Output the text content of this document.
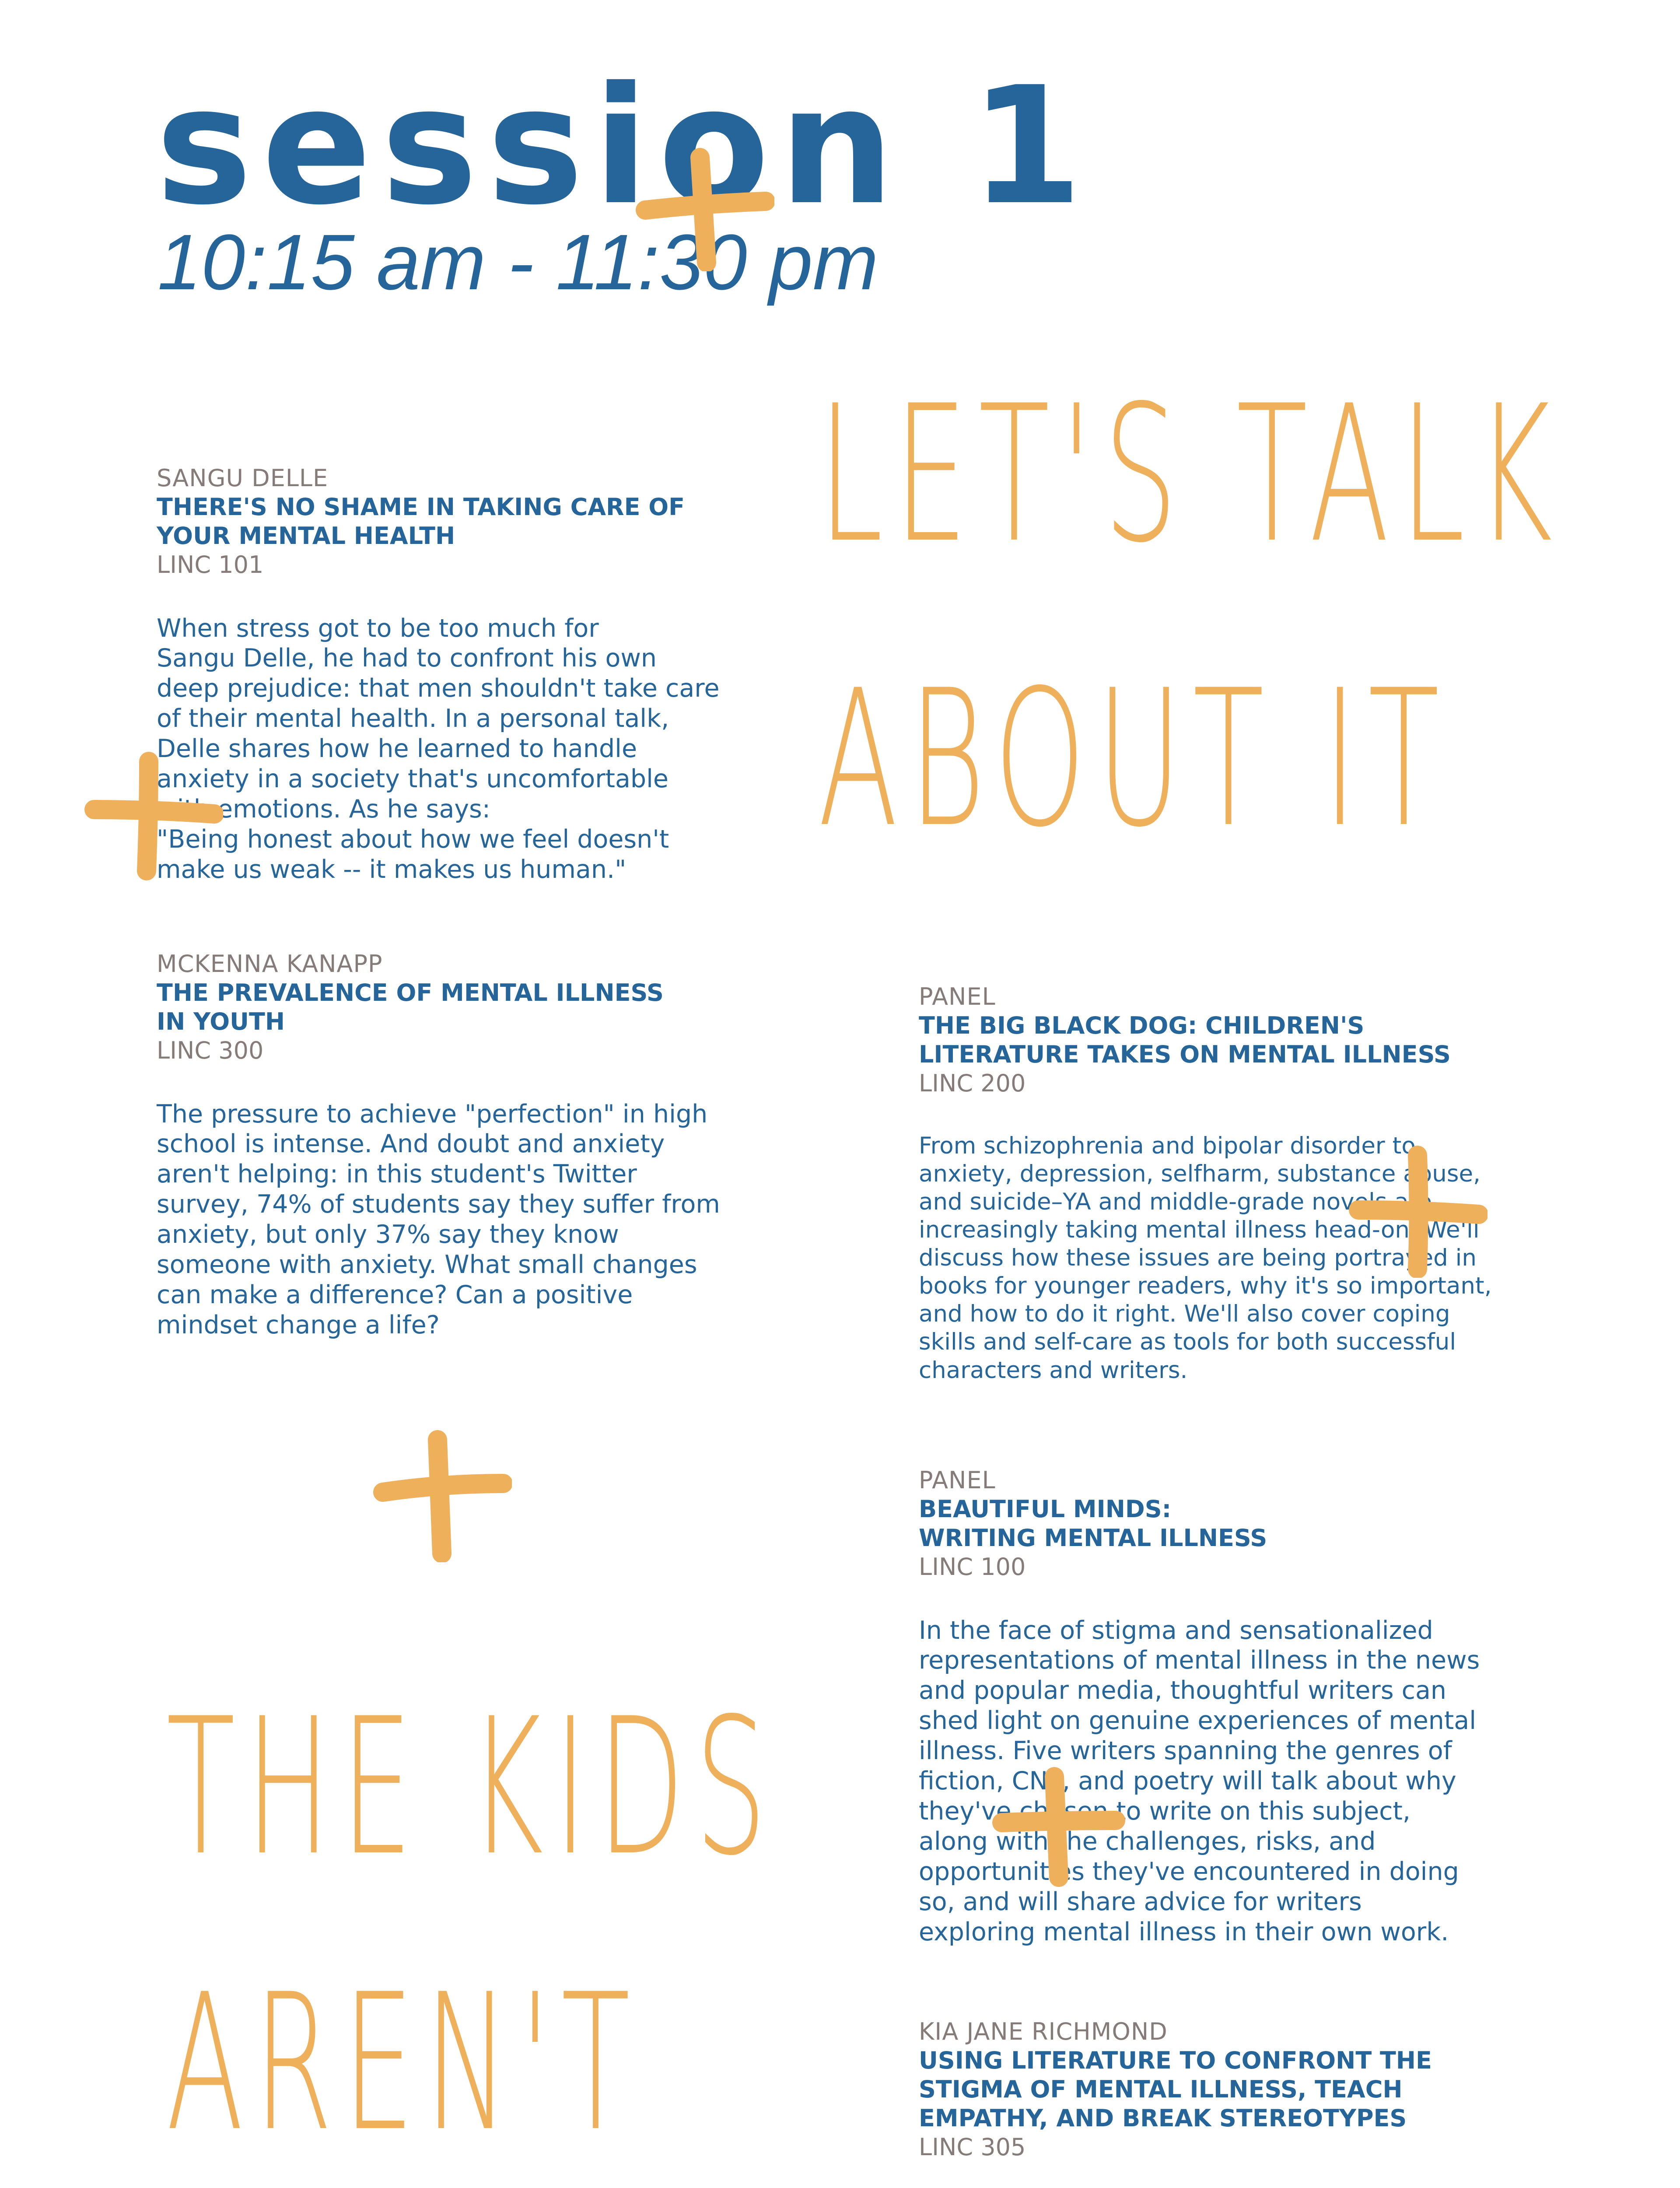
session 1
10:15 am - 11:30 pm
LET'S TALK
ABOUT IT
THE KIDS
AREN'T

SANGU DELLE

THERE'S NO SHAME IN TAKING CARE OF
YOUR MENTAL HEALTH

LINC 101

When stress got to be too much for
Sangu Delle, he had to confront his own
deep prejudice: that men shouldn't take care
of their mental health. In a personal talk,
Delle shares how he learned to handle
anxiety in a society that's uncomfortable
with emotions. As he says:
"Being honest about how we feel doesn't
make us weak -- it makes us human."

MCKENNA KANAPP

THE PREVALENCE OF MENTAL ILLNESS
IN YOUTH

LINC 300

The pressure to achieve "perfection" in high
school is intense. And doubt and anxiety
aren't helping: in this student's Twitter
survey, 74% of students say they suffer from
anxiety, but only 37% say they know
someone with anxiety. What small changes
can make a difference? Can a positive
mindset change a life?

PANEL

THE BIG BLACK DOG: CHILDREN'S
LITERATURE TAKES ON MENTAL ILLNESS

LINC 200

From schizophrenia and bipolar disorder to
anxiety, depression, selfharm, substance abuse,
and suicide–YA and middle-grade novels are
increasingly taking mental illness head-on. We'll
discuss how these issues are being portrayed in
books for younger readers, why it's so important,
and how to do it right. We'll also cover coping
skills and self-care as tools for both successful
characters and writers.

PANEL

BEAUTIFUL MINDS:
WRITING MENTAL ILLNESS

LINC 100

In the face of stigma and sensationalized
representations of mental illness in the news
and popular media, thoughtful writers can
shed light on genuine experiences of mental
illness. Five writers spanning the genres of
fiction, CNF, and poetry will talk about why
they've chosen to write on this subject,
along with the challenges, risks, and
opportunities they've encountered in doing
so, and will share advice for writers
exploring mental illness in their own work.

KIA JANE RICHMOND

USING LITERATURE TO CONFRONT THE
STIGMA OF MENTAL ILLNESS, TEACH
EMPATHY, AND BREAK STEREOTYPES

LINC 305
